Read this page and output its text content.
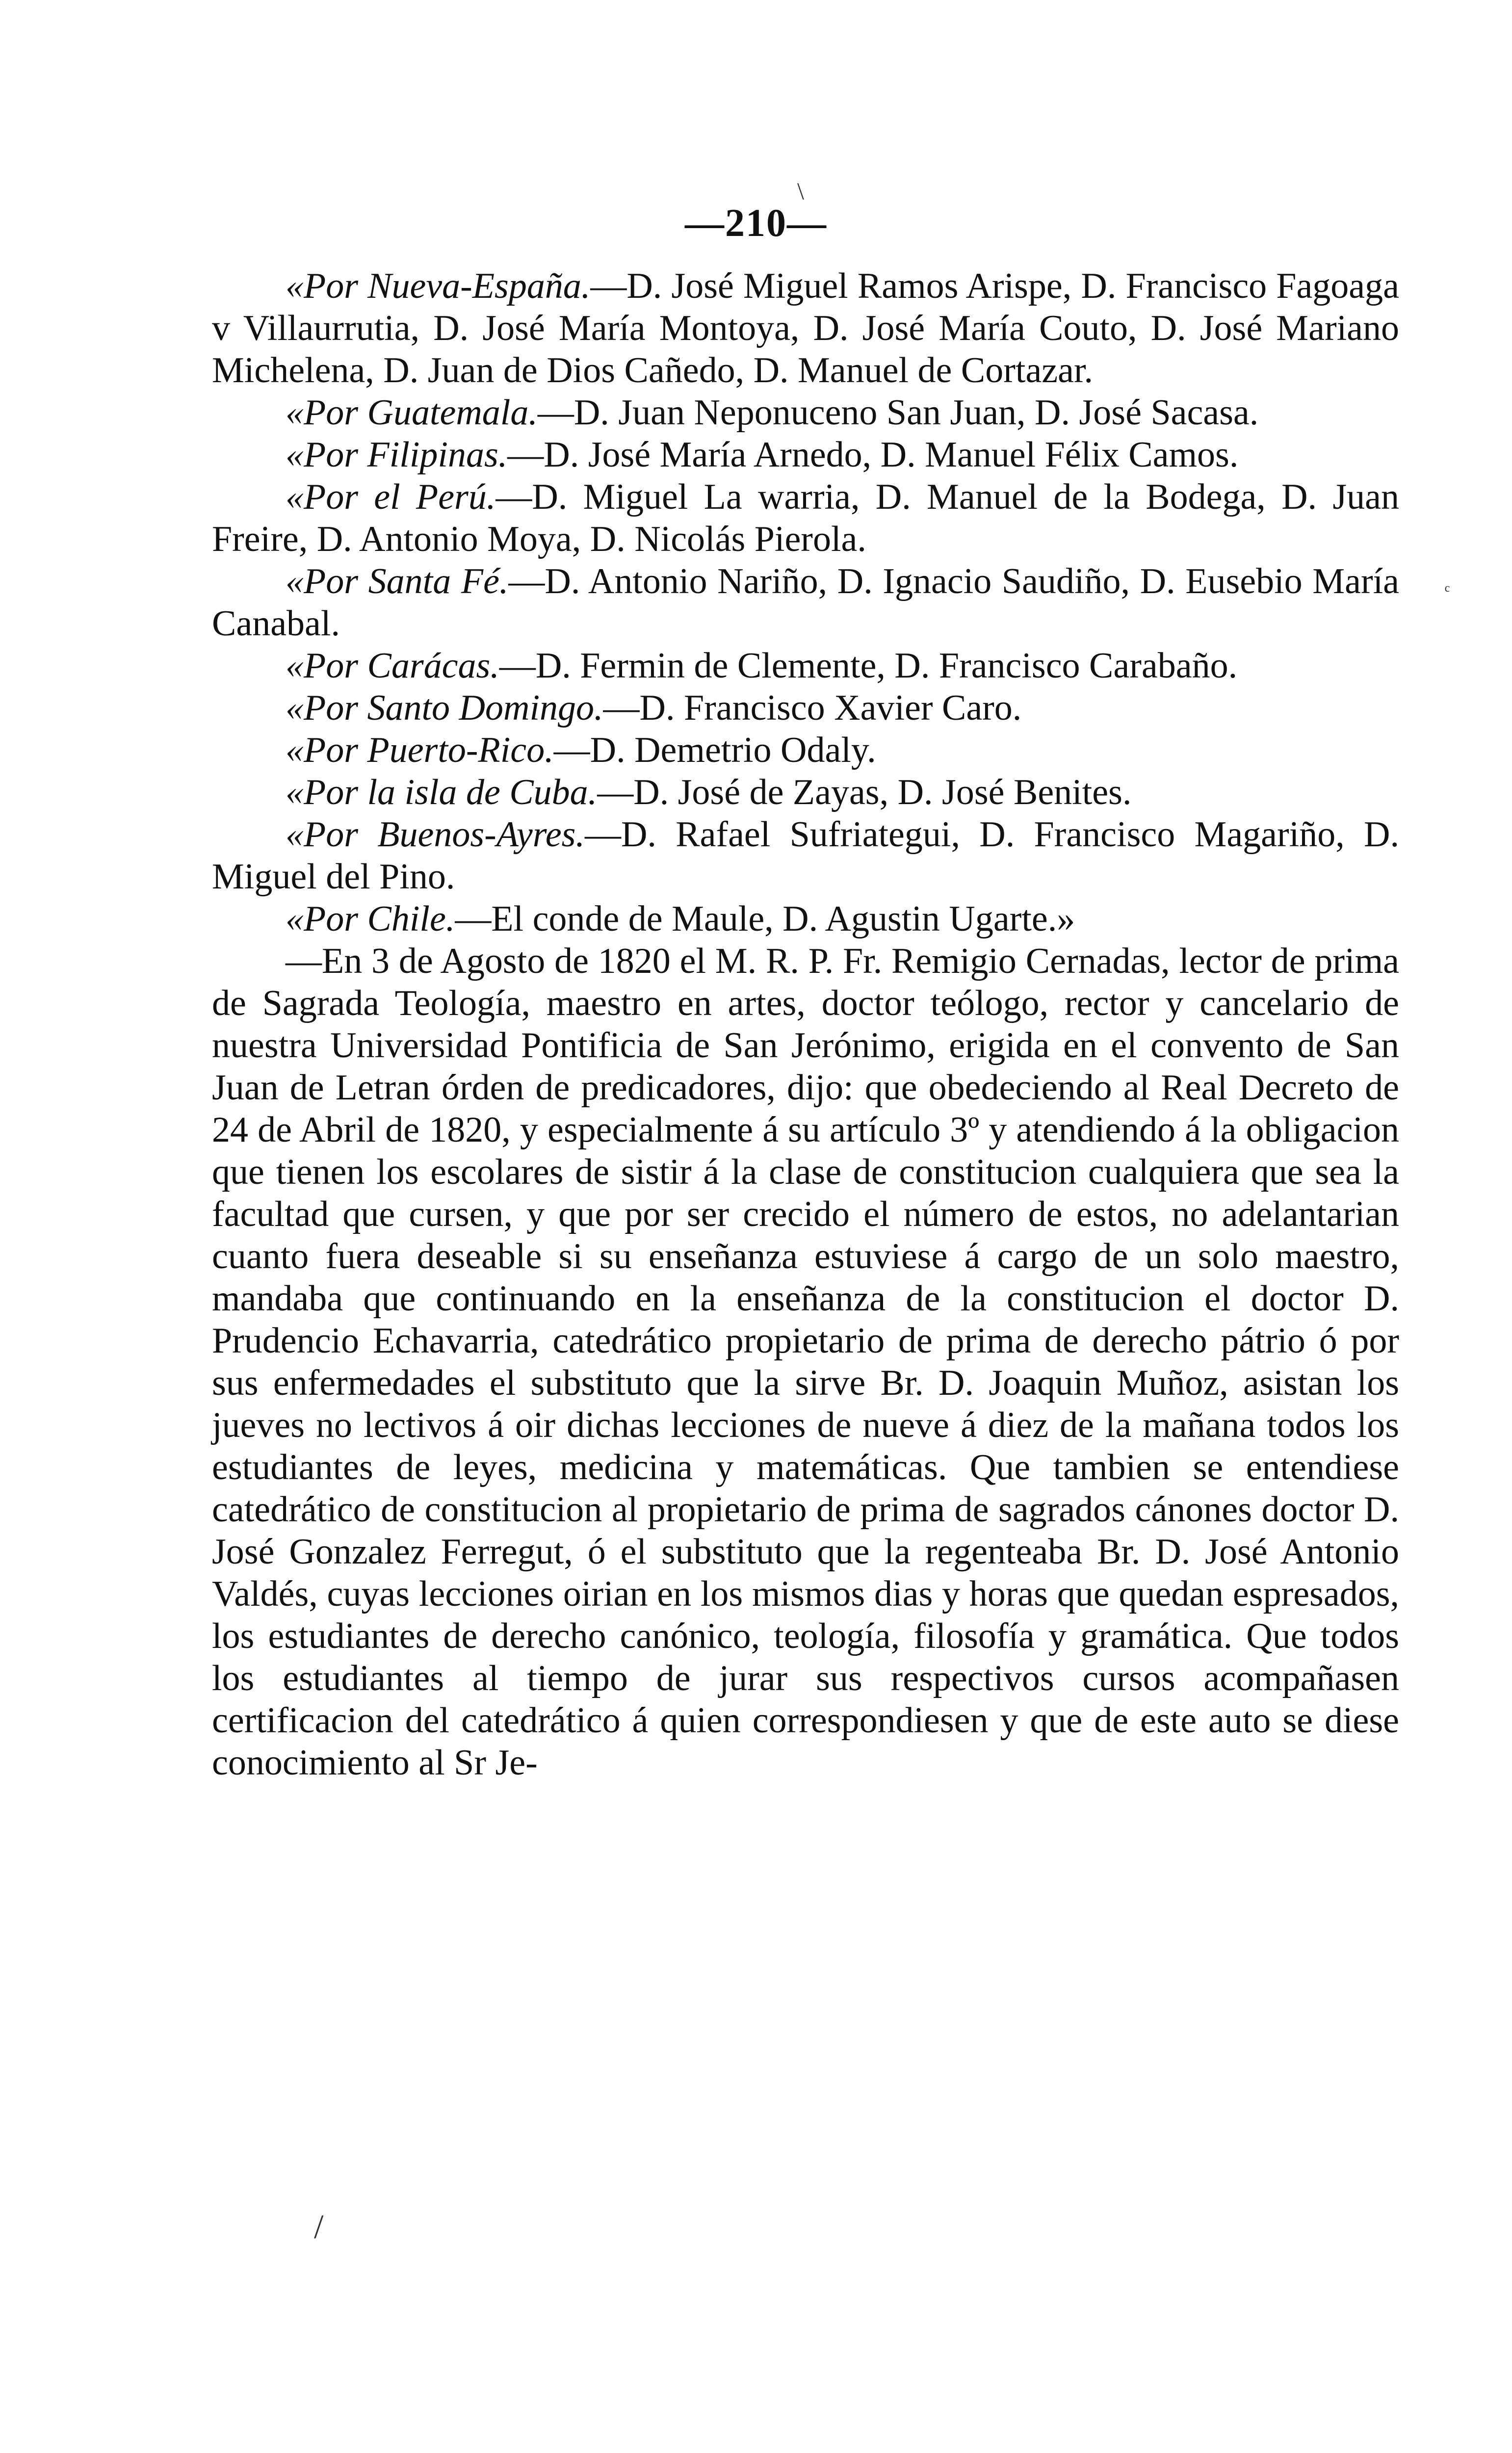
\
ᶜ
—210—

«Por Nueva-España.—D. José Miguel Ramos Arispe, D. Francisco Fagoaga v Villaurrutia, D. José María Montoya, D. José María Couto, D. José Mariano Michelena, D. Juan de Dios Cañedo, D. Manuel de Cortazar.

«Por Guatemala.—D. Juan Neponuceno San Juan, D. José Sacasa.

«Por Filipinas.—D. José María Arnedo, D. Manuel Félix Camos.

«Por el Perú.—D. Miguel La warria, D. Manuel de la Bodega, D. Juan Freire, D. Antonio Moya, D. Nicolás Pierola.

«Por Santa Fé.—D. Antonio Nariño, D. Ignacio Saudiño, D. Eusebio María Canabal.

«Por Carácas.—D. Fermin de Clemente, D. Francisco Carabaño.

«Por Santo Domingo.—D. Francisco Xavier Caro.

«Por Puerto-Rico.—D. Demetrio Odaly.

«Por la isla de Cuba.—D. José de Zayas, D. José Benites.

«Por Buenos-Ayres.—D. Rafael Sufriategui, D. Francisco Magariño, D. Miguel del Pino.

«Por Chile.—El conde de Maule, D. Agustin Ugarte.»

—En 3 de Agosto de 1820 el M. R. P. Fr. Remigio Cernadas, lector de prima de Sagrada Teología, maestro en artes, doctor teólogo, rector y cancelario de nuestra Universidad Pontificia de San Jerónimo, erigida en el convento de San Juan de Letran órden de predicadores, dijo: que obedeciendo al Real Decreto de 24 de Abril de 1820, y especialmente á su artículo 3º y atendiendo á la obligacion que tienen los escolares de sistir á la clase de constitucion cualquiera que sea la facultad que cursen, y que por ser crecido el número de estos, no adelantarian cuanto fuera deseable si su enseñanza estuviese á cargo de un solo maestro, mandaba que continuando en la enseñanza de la constitucion el doctor D. Prudencio Echavarria, catedrático propietario de prima de derecho pátrio ó por sus enfermedades el substituto que la sirve Br. D. Joaquin Muñoz, asistan los jueves no lectivos á oir dichas lecciones de nueve á diez de la mañana todos los estudiantes de leyes, medicina y matemáticas. Que tambien se entendiese catedrático de constitucion al propietario de prima de sagrados cánones doctor D. José Gonzalez Ferregut, ó el substituto que la regenteaba Br. D. José Antonio Valdés, cuyas lecciones oirian en los mismos dias y horas que quedan espresados, los estudiantes de derecho canónico, teología, filosofía y gramática. Que todos los estudiantes al tiempo de jurar sus respectivos cursos acompañasen certificacion del catedrático á quien correspondiesen y que de este auto se diese conocimiento al Sr Je-

/
